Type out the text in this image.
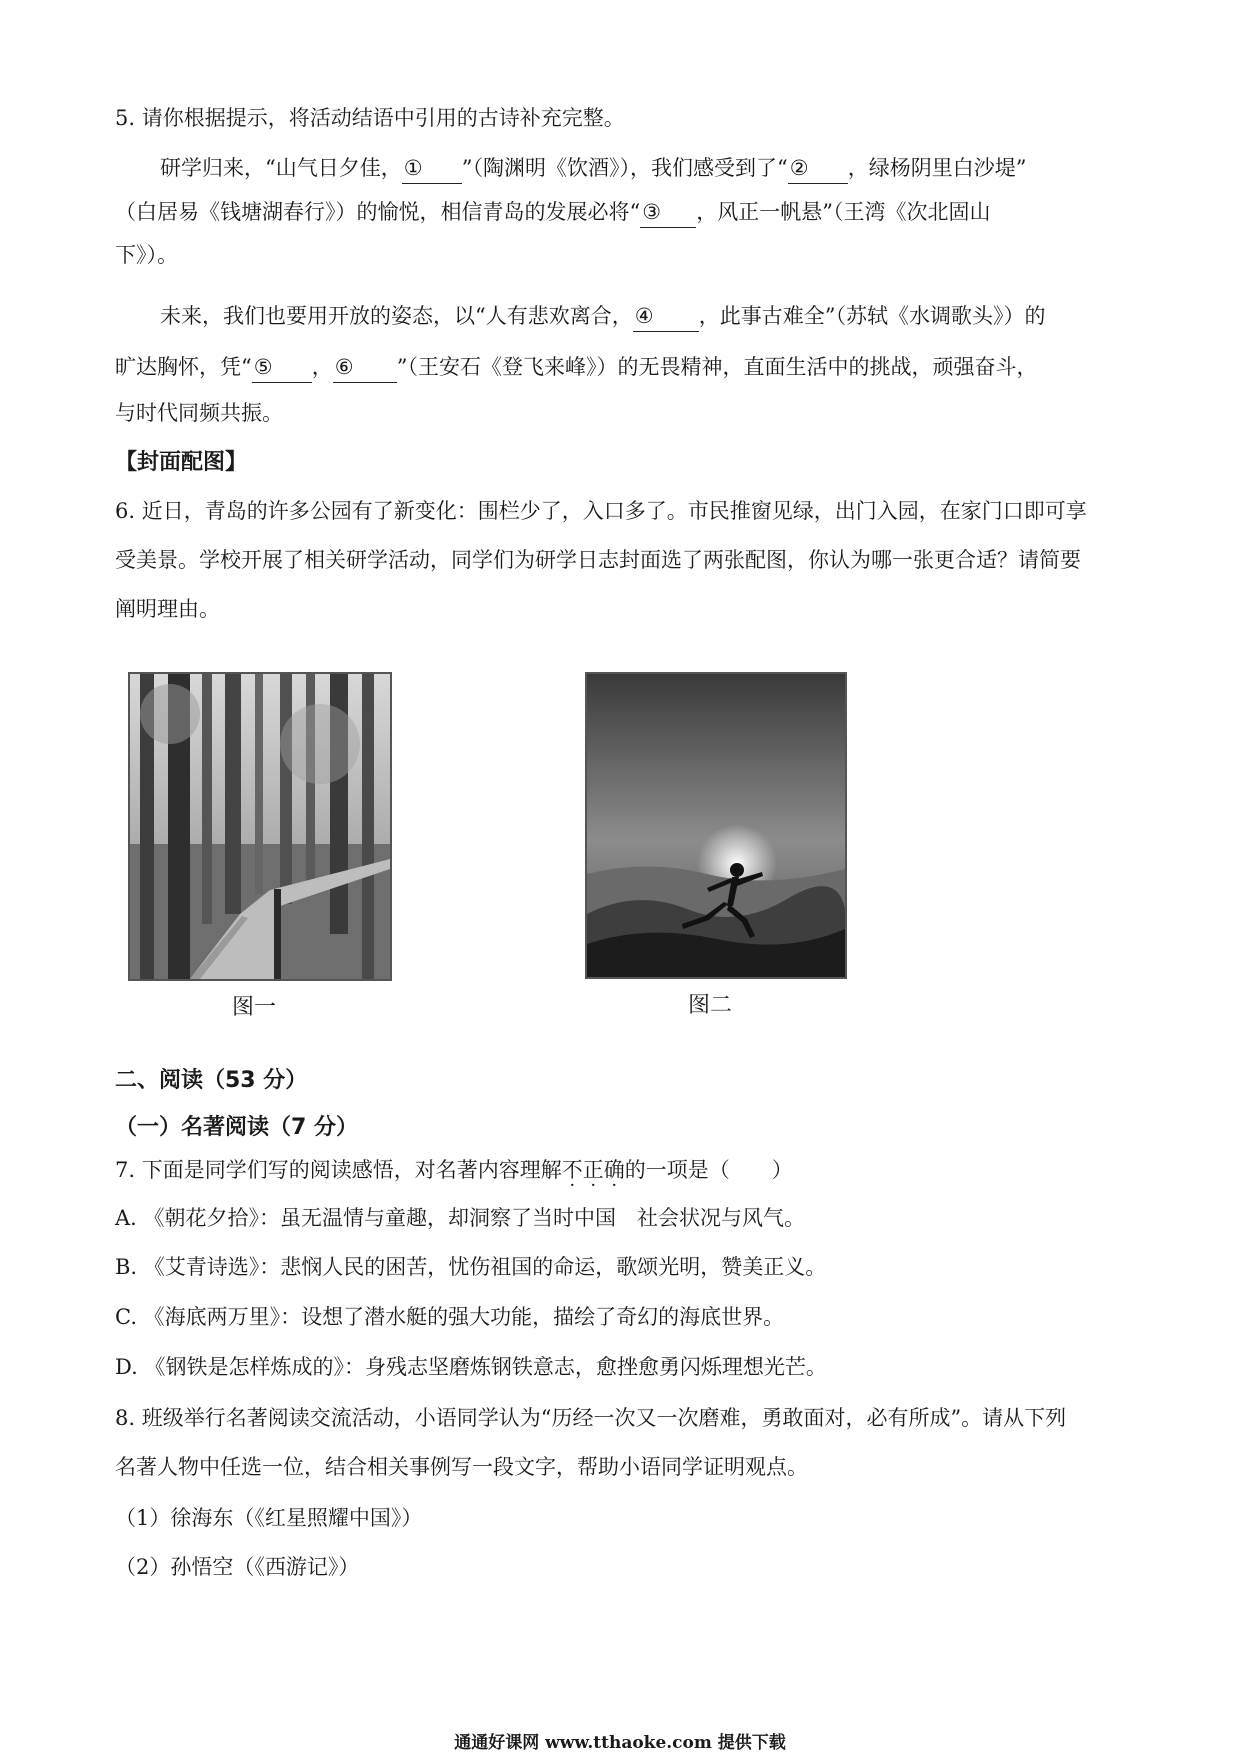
5. 请你根据提示，将活动结语中引用的古诗补充完整。
研学归来，“山气日夕佳，① ”（陶渊明《饮酒》），我们感受到了“② ，绿杨阴里白沙堤”
（白居易《钱塘湖春行》）的愉悦，相信青岛的发展必将“③ ，风正一帆悬”（王湾《次北固山
下》）。
未来，我们也要用开放的姿态，以“人有悲欢离合，④ ，此事古难全”（苏轼《水调歌头》）的
旷达胸怀，凭“⑤ ，⑥ ”（王安石《登飞来峰》）的无畏精神，直面生活中的挑战，顽强奋斗，
与时代同频共振。
【封面配图】
6. 近日，青岛的许多公园有了新变化：围栏少了，入口多了。市民推窗见绿，出门入园，在家门口即可享
受美景。学校开展了相关研学活动，同学们为研学日志封面选了两张配图，你认为哪一张更合适？请简要
阐明理由。
图一	图二
二、阅读（53 分）
（一）名著阅读（7 分）
7. 下面是同学们写的阅读感悟，对名著内容理解不正确的一项是（　　）
A. 《朝花夕拾》：虽无温情与童趣，却洞察了当时中国　社会状况与风气。
B. 《艾青诗选》：悲悯人民的困苦，忧伤祖国的命运，歌颂光明，赞美正义。
C. 《海底两万里》：设想了潜水艇的强大功能，描绘了奇幻的海底世界。
D. 《钢铁是怎样炼成的》：身残志坚磨炼钢铁意志，愈挫愈勇闪烁理想光芒。
8. 班级举行名著阅读交流活动，小语同学认为“历经一次又一次磨难，勇敢面对，必有所成”。请从下列
名著人物中任选一位，结合相关事例写一段文字，帮助小语同学证明观点。
（1）徐海东（《红星照耀中国》）
（2）孙悟空（《西游记》）
通通好课网 www.tthaoke.com 提供下载
